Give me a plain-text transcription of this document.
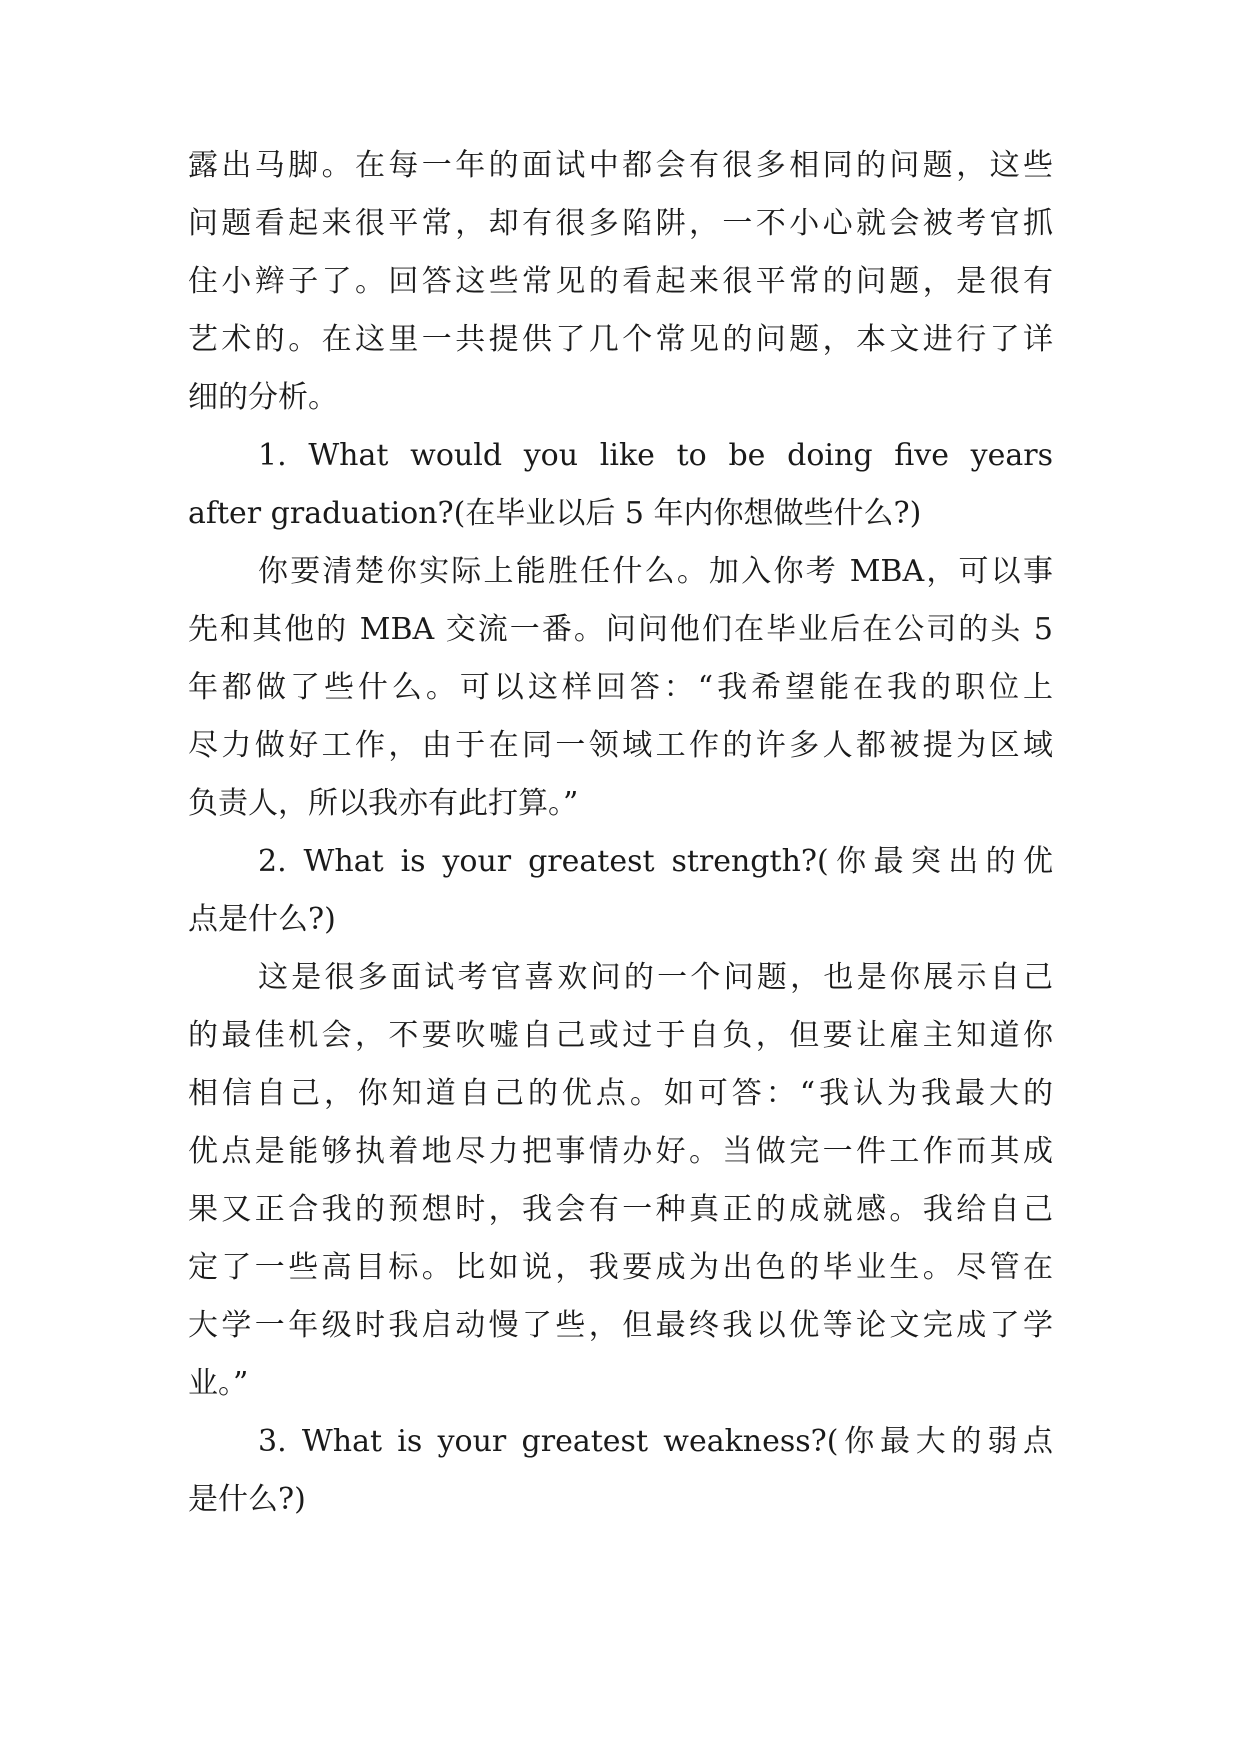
露出马脚。在每一年的面试中都会有很多相同的问题，这些
问题看起来很平常，却有很多陷阱，一不小心就会被考官抓
住小辫子了。回答这些常见的看起来很平常的问题，是很有
艺术的。在这里一共提供了几个常见的问题，本文进行了详
细的分析。
1. What would you like to be doing five years
after graduation?(在毕业以后 5 年内你想做些什么?)
你要清楚你实际上能胜任什么。加入你考 MBA，可以事
先和其他的 MBA 交流一番。问问他们在毕业后在公司的头 5
年都做了些什么。可以这样回答：“我希望能在我的职位上
尽力做好工作，由于在同一领域工作的许多人都被提为区域
负责人，所以我亦有此打算。”
2. What is your greatest strength?(你最突出的优
点是什么?)
这是很多面试考官喜欢问的一个问题，也是你展示自己
的最佳机会，不要吹嘘自己或过于自负，但要让雇主知道你
相信自己，你知道自己的优点。如可答：“我认为我最大的
优点是能够执着地尽力把事情办好。当做完一件工作而其成
果又正合我的预想时，我会有一种真正的成就感。我给自己
定了一些高目标。比如说，我要成为出色的毕业生。尽管在
大学一年级时我启动慢了些，但最终我以优等论文完成了学
业。”
3. What is your greatest weakness?(你最大的弱点
是什么?)
